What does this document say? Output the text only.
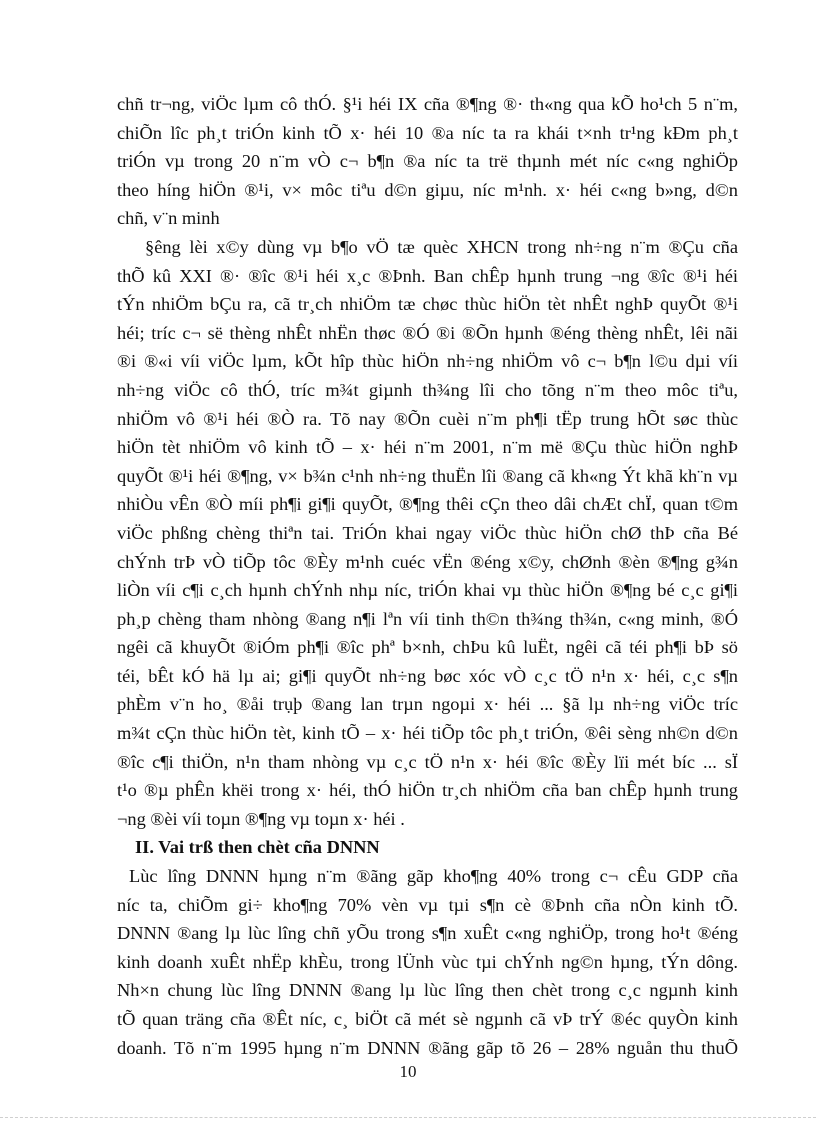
chñ tr¬ng, viÖc lµm cô thÓ. §¹i héi IX cña ®¶ng ®· th«ng qua kÕ ho¹ch 5 n¨m,
chiÕn lîc ph¸t triÓn kinh tÕ x· héi 10 ®a níc ta ra khái t×nh tr¹ng kÐm ph¸t
triÓn vµ trong 20 n¨m vÒ c¬ b¶n ®a níc ta trë thµnh mét níc c«ng nghiÖp
theo híng hiÖn ®¹i, v× môc tiªu d©n giµu, níc m¹nh. x· héi c«ng b»ng, d©n
chñ, v¨n minh
§êng lèi x©y dùng vµ b¶o vÖ tæ quèc XHCN trong nh÷ng n¨m ®Çu cña
thÕ kû XXI ®· ®îc ®¹i héi x¸c ®Þnh. Ban chÊp hµnh trung ¬ng ®îc ®¹i héi
tÝn nhiÖm bÇu ra, cã tr¸ch nhiÖm tæ chøc thùc hiÖn tèt nhÊt nghÞ quyÕt ®¹i
héi; tríc c¬ së thèng nhÊt nhËn thøc ®Ó ®i ®Õn hµnh ®éng thèng nhÊt, lêi nãi
®i ®«i víi viÖc lµm, kÕt hîp thùc hiÖn nh÷ng nhiÖm vô c¬ b¶n l©u dµi víi
nh÷ng viÖc cô thÓ, tríc m¾t giµnh th¾ng lîi cho tõng n¨m theo môc tiªu,
nhiÖm vô ®¹i héi ®Ò ra. Tõ nay ®Õn cuèi n¨m ph¶i tËp trung hÕt søc thùc
hiÖn tèt nhiÖm vô kinh tÕ – x· héi n¨m 2001, n¨m më ®Çu thùc hiÖn nghÞ
quyÕt ®¹i héi ®¶ng, v× b¾n c¹nh nh÷ng thuËn lîi ®ang cã kh«ng Ýt khã kh¨n vµ
nhiÒu vÊn ®Ò míi ph¶i gi¶i quyÕt, ®¶ng thêi cÇn theo dâi chÆt chÏ, quan t©m
viÖc phßng chèng thiªn tai. TriÓn khai ngay viÖc thùc hiÖn chØ thÞ cña Bé
chÝnh trÞ vÒ tiÕp tôc ®Èy m¹nh cuéc vËn ®éng x©y, chØnh ®èn ®¶ng g¾n
liÒn víi c¶i c¸ch hµnh chÝnh nhµ níc, triÓn khai vµ thùc hiÖn ®¶ng bé c¸c gi¶i
ph¸p chèng tham nhòng ®ang n¶i lªn víi tinh th©n th¾ng th¾n, c«ng minh, ®Ó
ngêi cã khuyÕt ®iÓm ph¶i ®îc phª b×nh, chÞu kû luËt, ngêi cã téi ph¶i bÞ sö
téi, bÊt kÓ hä lµ ai; gi¶i quyÕt nh÷ng bøc xóc vÒ c¸c tÖ n¹n x· héi, c¸c s¶n
phÈm v¨n ho¸ ®åi trụþ ®ang lan trµn ngoµi x· héi ... §ã lµ nh÷ng viÖc tríc
m¾t cÇn thùc hiÖn tèt, kinh tÕ – x· héi tiÕp tôc ph¸t triÓn, ®êi sèng nh©n d©n
®îc c¶i thiÖn, n¹n tham nhòng vµ c¸c tÖ n¹n x· héi ®îc ®Èy lïi mét bíc ... sÏ
t¹o ®µ phÊn khëi trong x· héi, thÓ hiÖn tr¸ch nhiÖm cña ban chÊp hµnh trung
¬ng ®èi víi toµn ®¶ng vµ toµn x· héi .
II. Vai trß then chèt cña DNNN
Lùc lîng DNNN hµng n¨m ®ãng gãp kho¶ng 40% trong c¬ cÊu GDP cña
níc ta, chiÕm gi÷ kho¶ng 70% vèn vµ tµi s¶n cè ®Þnh cña nÒn kinh tÕ.
DNNN ®ang lµ lùc lîng chñ yÕu trong s¶n xuÊt c«ng nghiÖp, trong ho¹t ®éng
kinh doanh xuÊt nhËp khÈu, trong lÜnh vùc tµi chÝnh ng©n hµng, tÝn dông.
Nh×n chung lùc lîng DNNN ®ang lµ lùc lîng then chèt trong c¸c ngµnh kinh
tÕ quan träng cña ®Êt níc, c¸ biÖt cã mét sè ngµnh cã vÞ trÝ ®éc quyÒn kinh
doanh. Tõ n¨m 1995 hµng n¨m DNNN ®ãng gãp tõ 26 – 28% nguån thu thuÕ
10
